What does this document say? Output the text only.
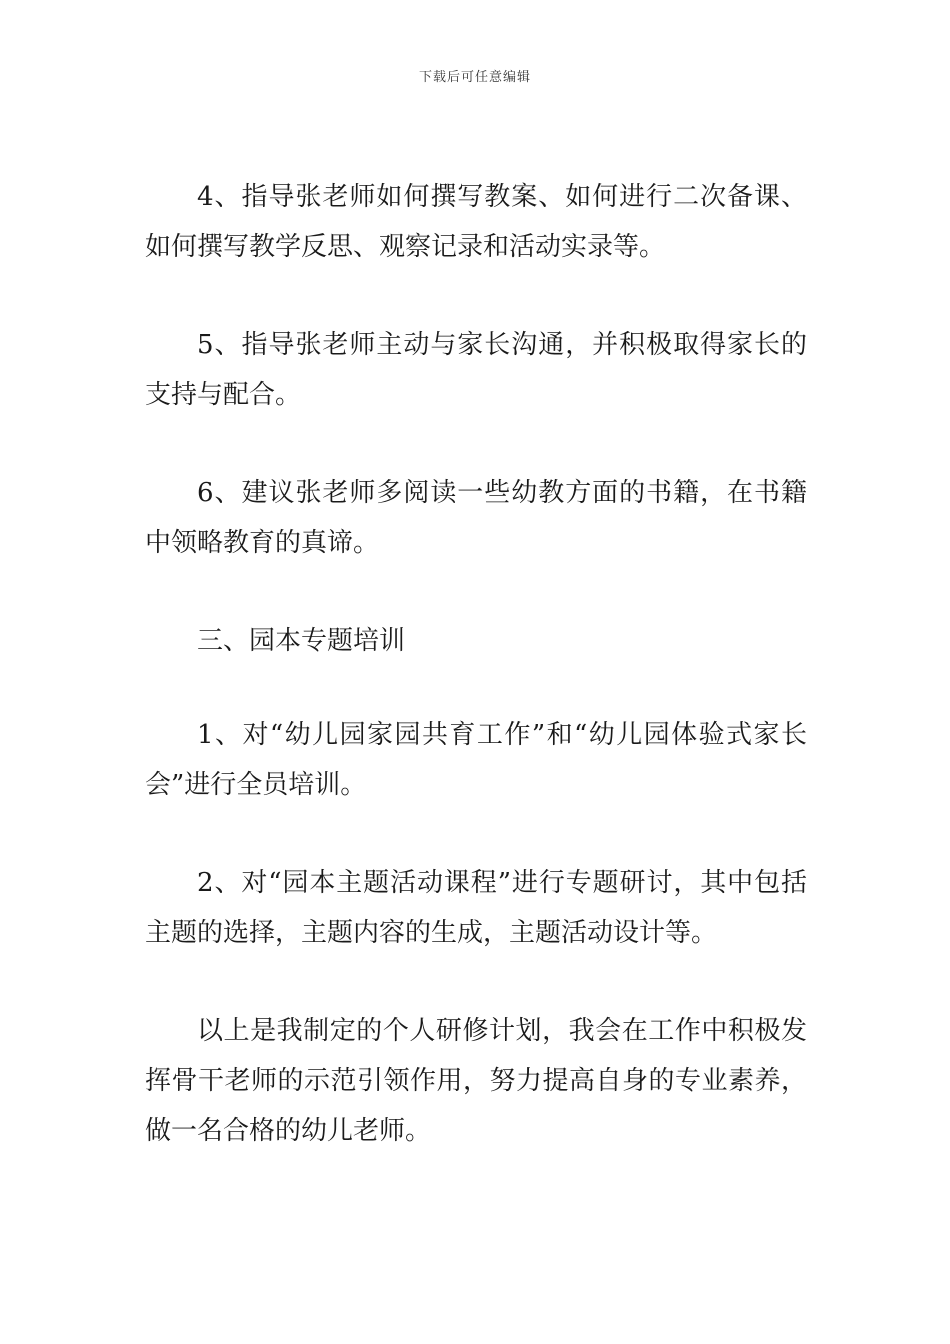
下载后可任意编辑

4、指导张老师如何撰写教案、如何进行二次备课、如何撰写教学反思、观察记录和活动实录等。

5、指导张老师主动与家长沟通，并积极取得家长的支持与配合。

6、建议张老师多阅读一些幼教方面的书籍，在书籍中领略教育的真谛。

三、园本专题培训

1、对“幼儿园家园共育工作”和“幼儿园体验式家长会”进行全员培训。

2、对“园本主题活动课程”进行专题研讨，其中包括主题的选择，主题内容的生成，主题活动设计等。

以上是我制定的个人研修计划，我会在工作中积极发挥骨干老师的示范引领作用，努力提高自身的专业素养，做一名合格的幼儿老师。
